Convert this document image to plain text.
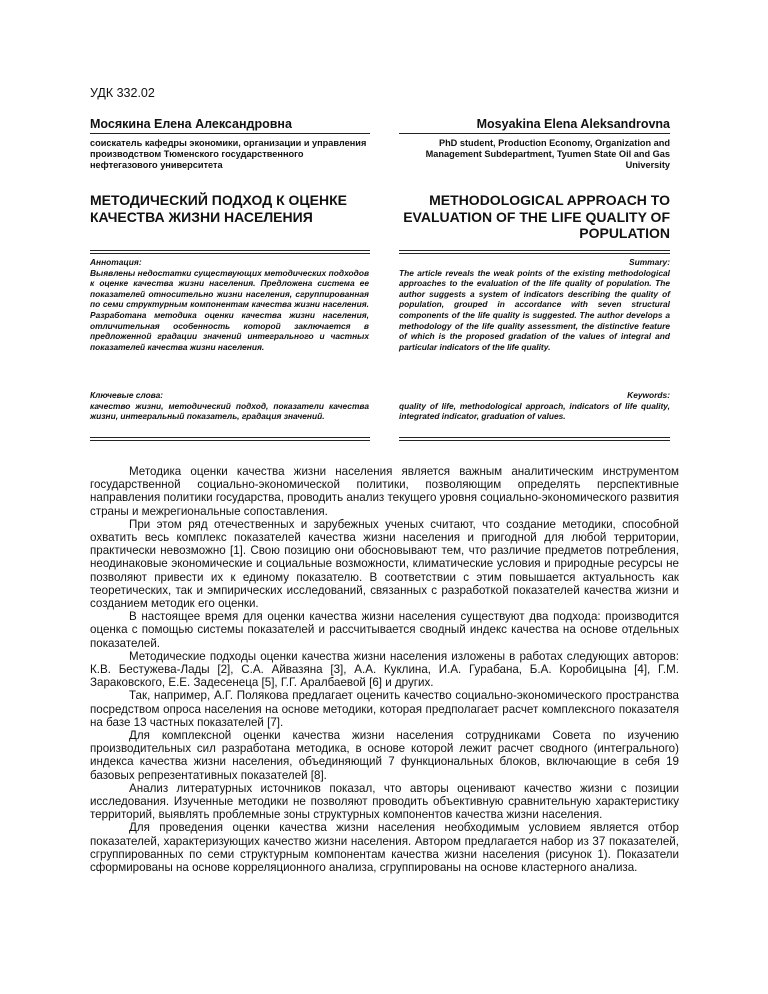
УДК 332.02
Мосякина Елена Александровна	Mosyakina Elena Aleksandrovna
соискатель кафедры экономики, организации и управления производством Тюменского государственного нефтегазового университета
PhD student, Production Economy, Organization and Management Subdepartment, Tyumen State Oil and Gas University
МЕТОДИЧЕСКИЙ ПОДХОД К ОЦЕНКЕ КАЧЕСТВА ЖИЗНИ НАСЕЛЕНИЯ
METHODOLOGICAL APPROACH TO EVALUATION OF THE LIFE QUALITY OF POPULATION
Аннотация:
Выявлены недостатки существующих методических подходов к оценке качества жизни населения. Предложена система ее показателей относительно жизни населения, сгруппированная по семи структурным компонентам качества жизни населения. Разработана методика оценки качества жизни населения, отличительная особенность которой заключается в предложенной градации значений интегрального и частных показателей качества жизни населения.
Summary:
The article reveals the weak points of the existing methodological approaches to the evaluation of the life quality of population. The author suggests a system of indicators describing the quality of population, grouped in accordance with seven structural components of the life quality is suggested. The author develops a methodology of the life quality assessment, the distinctive feature of which is the proposed gradation of the values of integral and particular indicators of the life quality.
Ключевые слова:
качество жизни, методический подход, показатели качества жизни, интегральный показатель, градация значений.
Keywords:
quality of life, methodological approach, indicators of life quality, integrated indicator, graduation of values.

Методика оценки качества жизни населения является важным аналитическим инструментом государственной социально-экономической политики, позволяющим определять перспективные направления политики государства, проводить анализ текущего уровня социально-экономического развития страны и межрегиональные сопоставления.

При этом ряд отечественных и зарубежных ученых считают, что создание методики, способной охватить весь комплекс показателей качества жизни населения и пригодной для любой территории, практически невозможно [1]. Свою позицию они обосновывают тем, что различие предметов потребления, неодинаковые экономические и социальные возможности, климатические условия и природные ресурсы не позволяют привести их к единому показателю. В соответствии с этим повышается актуальность как теоретических, так и эмпирических исследований, связанных с разработкой показателей качества жизни и созданием методик его оценки.

В настоящее время для оценки качества жизни населения существуют два подхода: производится оценка с помощью системы показателей и рассчитывается сводный индекс качества на основе отдельных показателей.

Методические подходы оценки качества жизни населения изложены в работах следующих авторов: К.В. Бестужева-Лады [2], С.А. Айвазяна [3], А.А. Куклина, И.А. Гурабана, Б.А. Коробицына [4], Г.М. Зараковского, Е.Е. Задесенеца [5], Г.Г. Аралбаевой [6] и других.

Так, например, А.Г. Полякова предлагает оценить качество социально-экономического пространства посредством опроса населения на основе методики, которая предполагает расчет комплексного показателя на базе 13 частных показателей [7].

Для комплексной оценки качества жизни населения сотрудниками Совета по изучению производительных сил разработана методика, в основе которой лежит расчет сводного (интегрального) индекса качества жизни населения, объединяющий 7 функциональных блоков, включающие в себя 19 базовых репрезентативных показателей [8].

Анализ литературных источников показал, что авторы оценивают качество жизни с позиции исследования. Изученные методики не позволяют проводить объективную сравнительную характеристику территорий, выявлять проблемные зоны структурных компонентов качества жизни населения.

Для проведения оценки качества жизни населения необходимым условием является отбор показателей, характеризующих качество жизни населения. Автором предлагается набор из 37 показателей, сгруппированных по семи структурным компонентам качества жизни населения (рисунок 1). Показатели сформированы на основе корреляционного анализа, сгруппированы на основе кластерного анализа.
